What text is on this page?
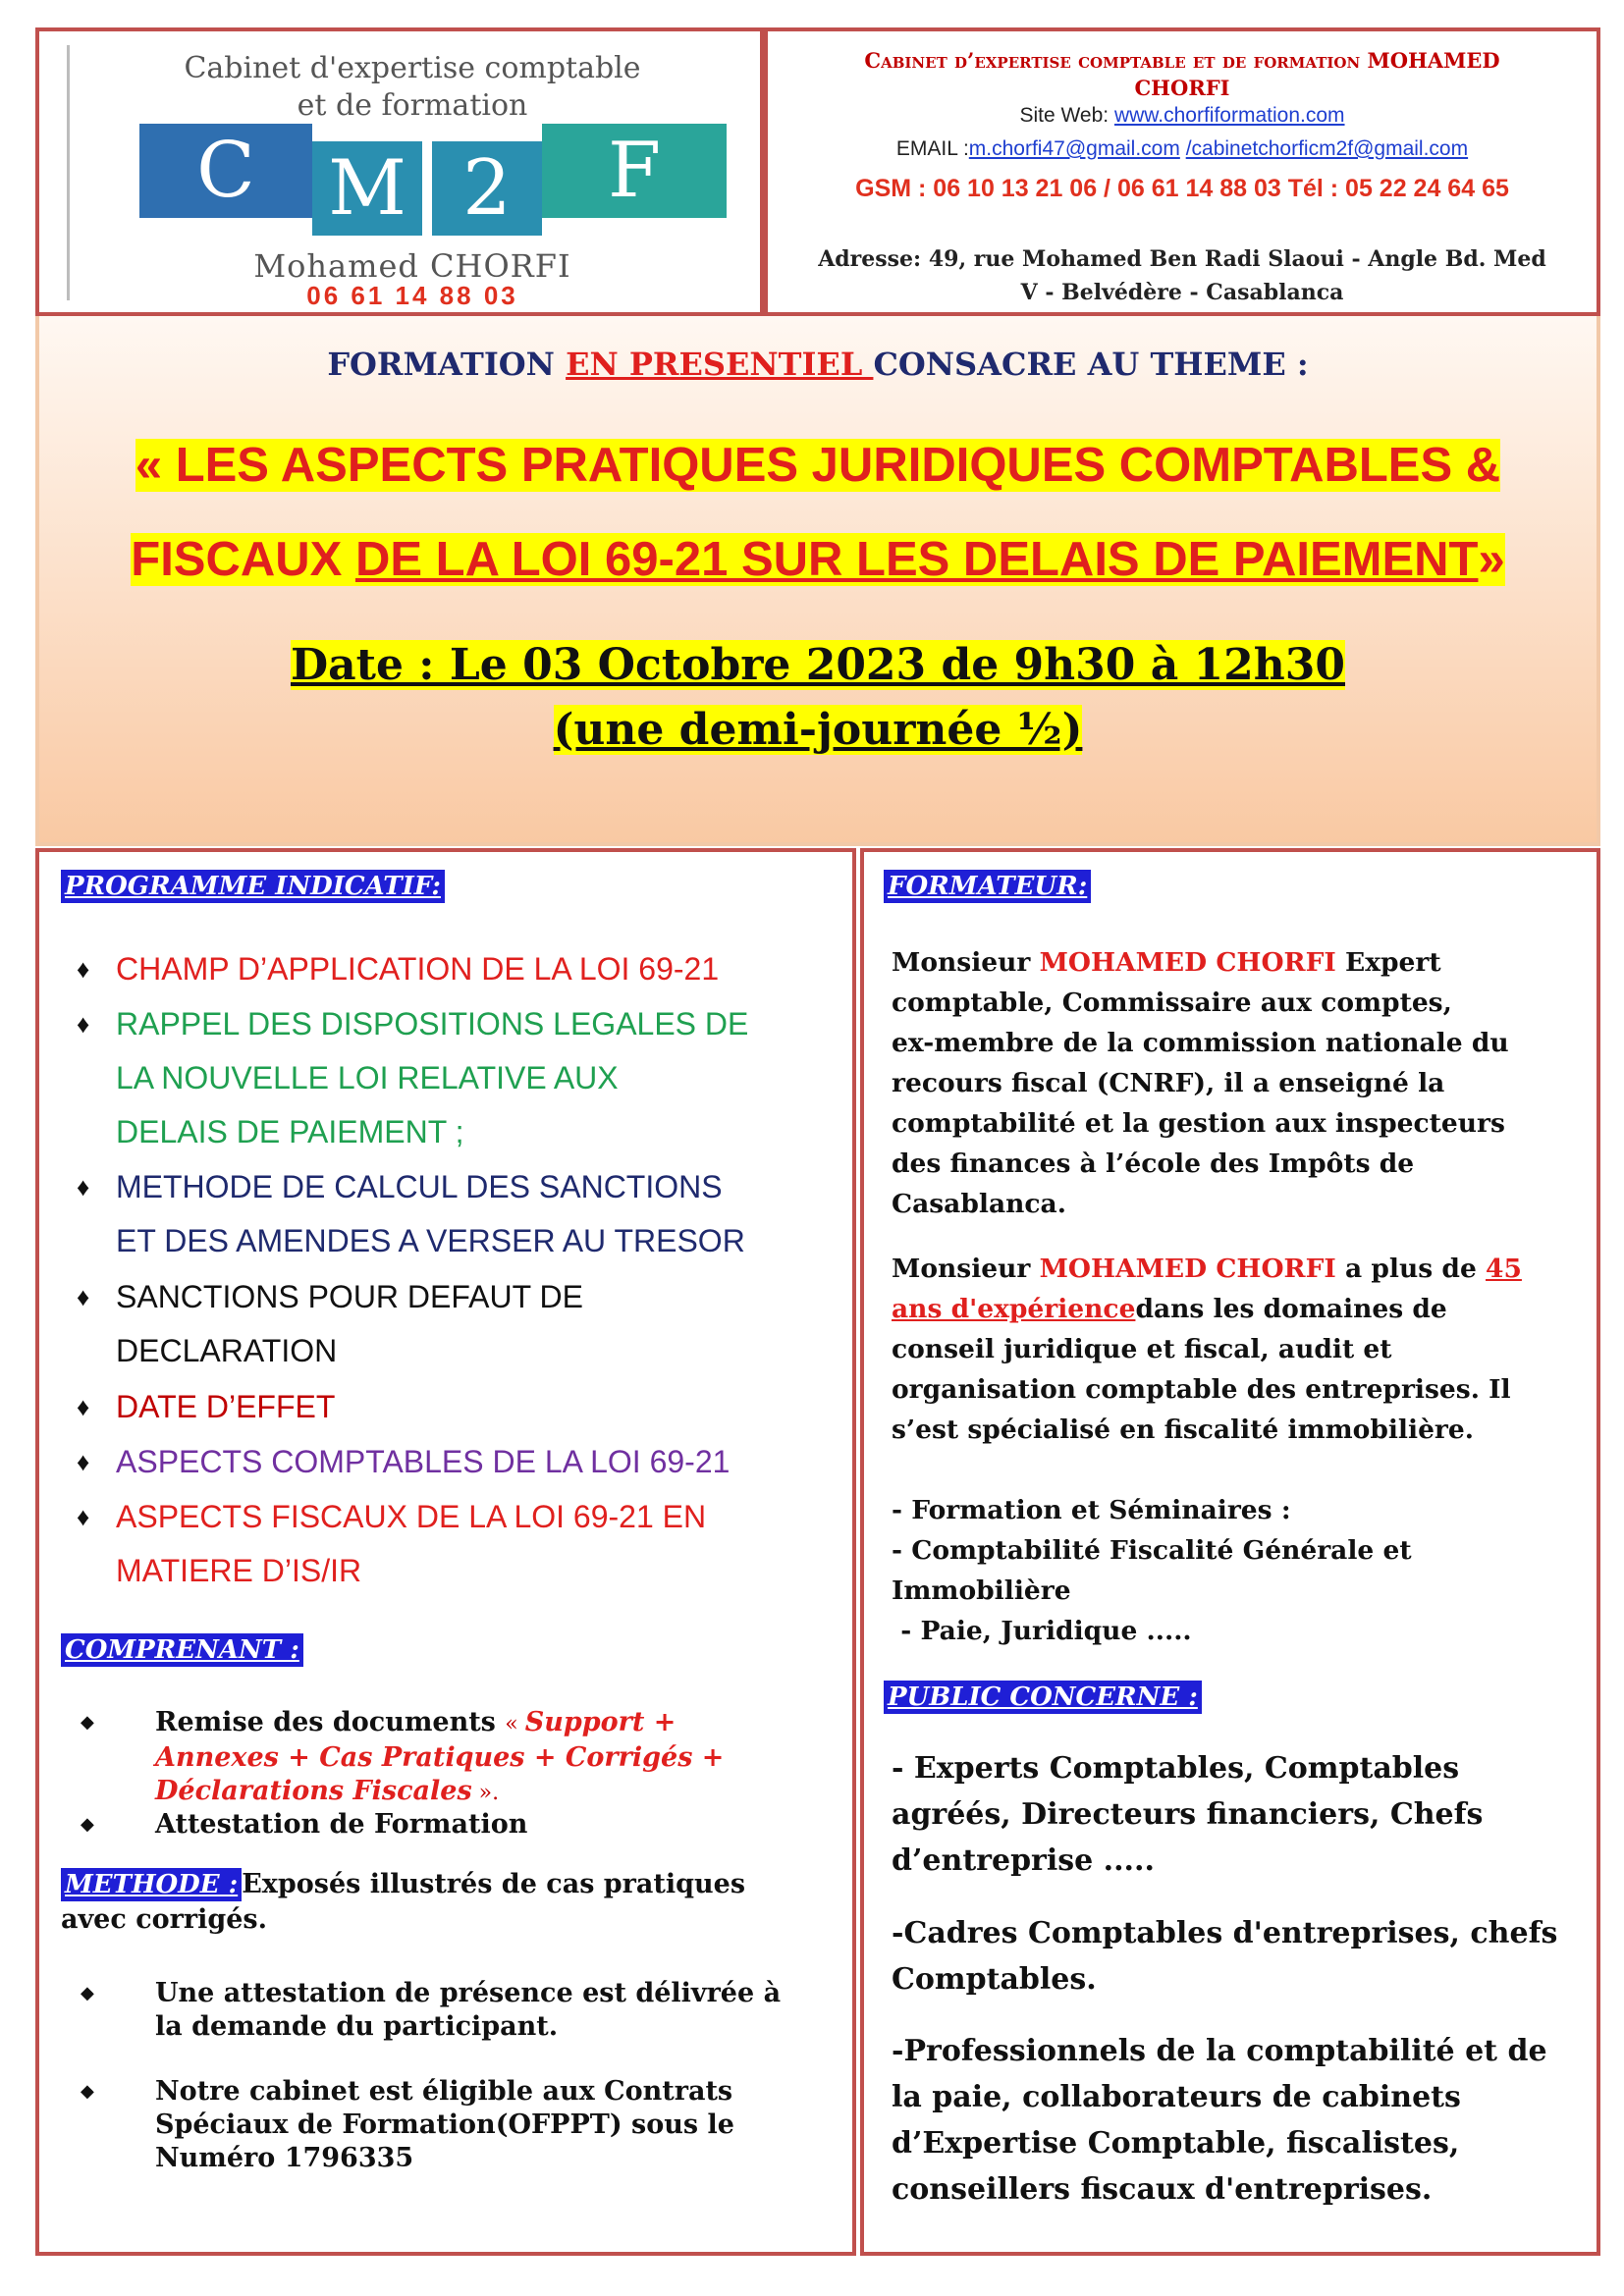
Cabinet d'expertise comptable
et de formation
C M 2	F
Mohamed CHORFI
06 61 14 88 03
Cabinet d’expertise comptable et de formation MOHAMED
CHORFI
Site Web: www.chorfiformation.com
EMAIL :m.chorfi47@gmail.com /cabinetchorficm2f@gmail.com
GSM : 06 10 13 21 06 / 06 61 14 88 03 Tél : 05 22 24 64 65
Adresse: 49, rue Mohamed Ben Radi Slaoui - Angle Bd. Med
V - Belvédère - Casablanca
FORMATION EN PRESENTIEL CONSACRE AU THEME :
« LES ASPECTS PRATIQUES JURIDIQUES COMPTABLES &
FISCAUX DE LA LOI 69-21 SUR LES DELAIS DE PAIEMENT»
Date : Le 03 Octobre 2023 de 9h30 à 12h30
(une demi-journée ½)
PROGRAMME INDICATIF:
♦ CHAMP D’APPLICATION DE LA LOI 69-21
♦ RAPPEL DES DISPOSITIONS LEGALES DE
LA NOUVELLE LOI RELATIVE AUX
DELAIS DE PAIEMENT ;
♦ METHODE DE CALCUL DES SANCTIONS
ET DES AMENDES A VERSER AU TRESOR
♦ SANCTIONS POUR DEFAUT DE
DECLARATION
♦ DATE D’EFFET
♦ ASPECTS COMPTABLES DE LA LOI 69-21
♦ ASPECTS FISCAUX DE LA LOI 69-21 EN
MATIERE D’IS/IR
COMPRENANT :
◆ Remise des documents « Support +
Annexes + Cas Pratiques + Corrigés +
Déclarations Fiscales ».
◆ Attestation de Formation
METHODE : Exposés illustrés de cas pratiques
avec corrigés.
◆ Une attestation de présence est délivrée à
la demande du participant.
◆ Notre cabinet est éligible aux Contrats
Spéciaux de Formation(OFPPT) sous le
Numéro 1796335
FORMATEUR:
Monsieur MOHAMED CHORFI Expert
comptable, Commissaire aux comptes,
ex-membre de la commission nationale du
recours fiscal (CNRF), il a enseigné la
comptabilité et la gestion aux inspecteurs
des finances à l’école des Impôts de
Casablanca.
Monsieur MOHAMED CHORFI a plus de 45
ans d'expériencedans les domaines de
conseil juridique et fiscal, audit et
organisation comptable des entreprises. Il
s’est spécialisé en fiscalité immobilière.
- Formation et Séminaires :
- Comptabilité Fiscalité Générale et
Immobilière
- Paie, Juridique .....
PUBLIC CONCERNE :
- Experts Comptables, Comptables
agréés, Directeurs financiers, Chefs
d’entreprise .....
-Cadres Comptables d'entreprises, chefs
Comptables.
-Professionnels de la comptabilité et de
la paie, collaborateurs de cabinets
d’Expertise Comptable, fiscalistes,
conseillers fiscaux d'entreprises.
